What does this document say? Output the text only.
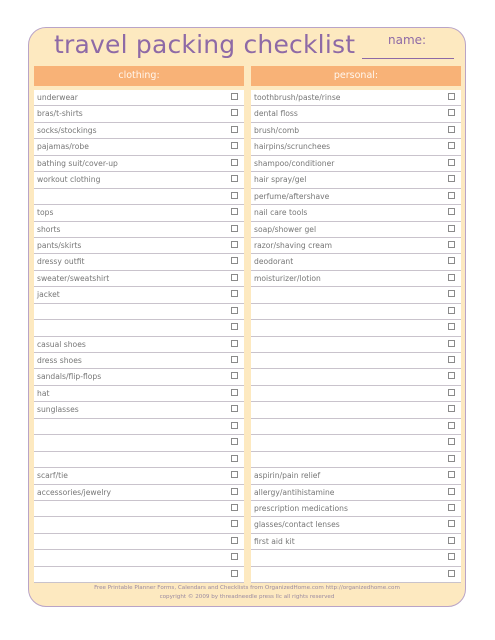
travel packing checklist	name:
clothing:
underwear
bras/t-shirts
socks/stockings
pajamas/robe
bathing suit/cover-up
workout clothing
tops
shorts
pants/skirts
dressy outfit
sweater/sweatshirt
jacket
casual shoes
dress shoes
sandals/flip-flops
hat
sunglasses
scarf/tie
accessories/jewelry
personal:
toothbrush/paste/rinse
dental floss
brush/comb
hairpins/scrunchees
shampoo/conditioner
hair spray/gel
perfume/aftershave
nail care tools
soap/shower gel
razor/shaving cream
deodorant
moisturizer/lotion
aspirin/pain relief
allergy/antihistamine
prescription medications
glasses/contact lenses
first aid kit
Free Printable Planner Forms, Calendars and Checklists from OrganizedHome.com http://organizedhome.com
copyright © 2009 by threadneedle press llc all rights reserved
